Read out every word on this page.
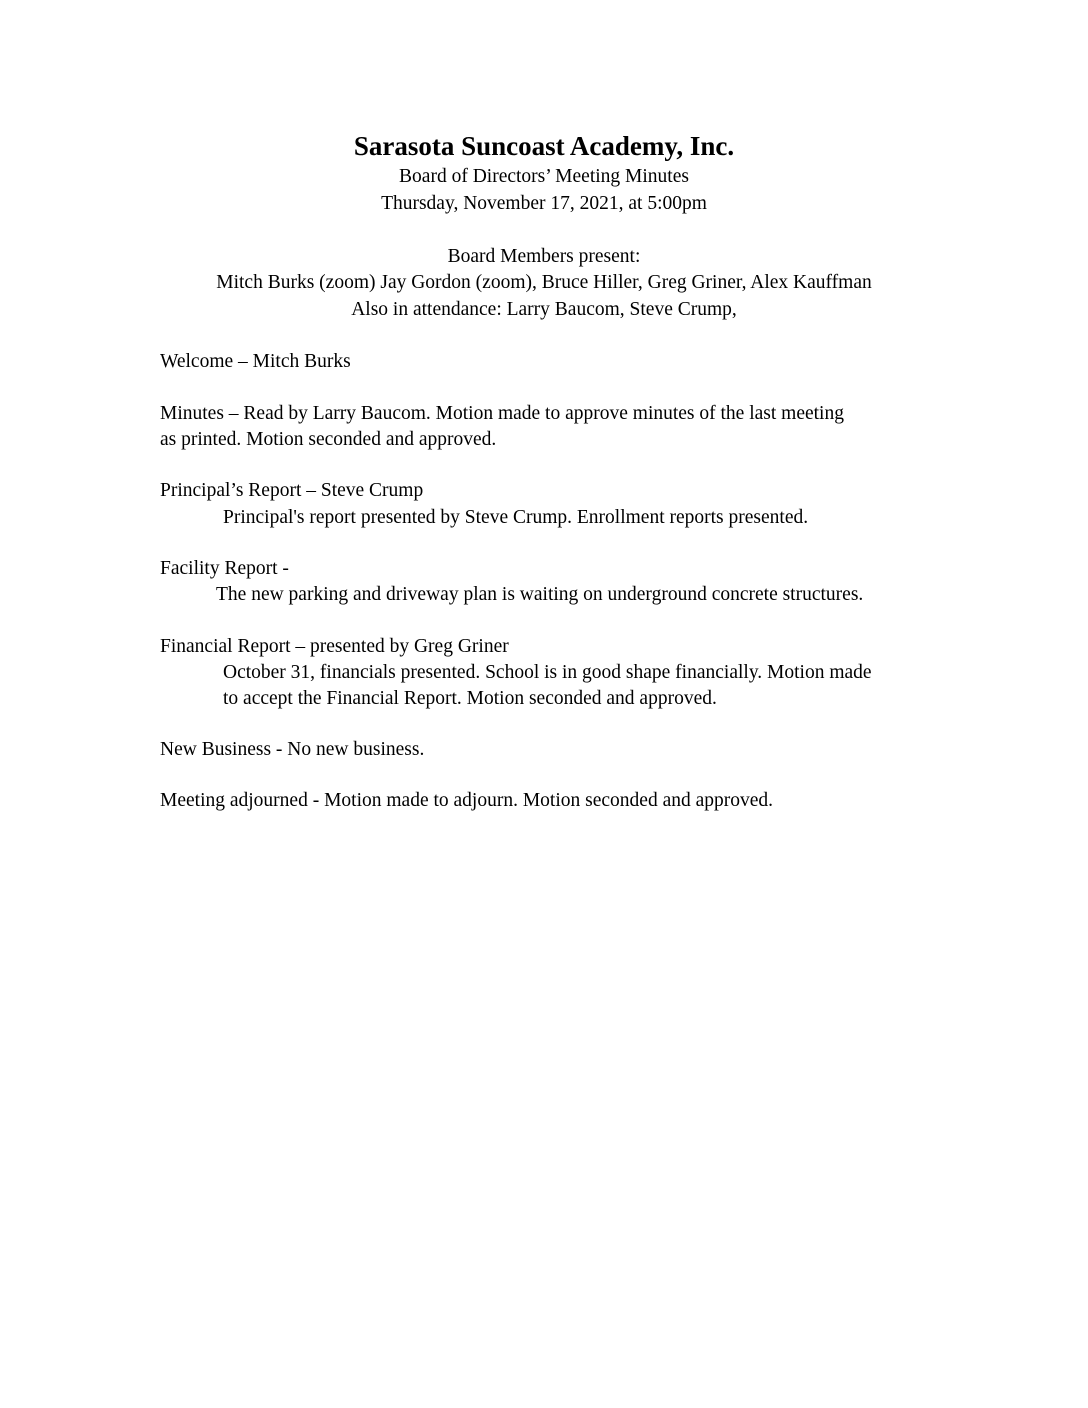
Sarasota Suncoast Academy, Inc.

Board of Directors’ Meeting Minutes

Thursday, November 17, 2021, at 5:00pm

Board Members present:

Mitch Burks (zoom) Jay Gordon (zoom), Bruce Hiller, Greg Griner, Alex Kauffman

Also in attendance: Larry Baucom, Steve Crump,

Welcome – Mitch Burks

Minutes – Read by Larry Baucom. Motion made to approve minutes of the last meeting

as printed. Motion seconded and approved.

Principal’s Report – Steve Crump

Principal's report presented by Steve Crump. Enrollment reports presented.

Facility Report -

The new parking and driveway plan is waiting on underground concrete structures.

Financial Report – presented by Greg Griner

October 31, financials presented. School is in good shape financially. Motion made

to accept the Financial Report. Motion seconded and approved.

New Business - No new business.

Meeting adjourned - Motion made to adjourn. Motion seconded and approved.
